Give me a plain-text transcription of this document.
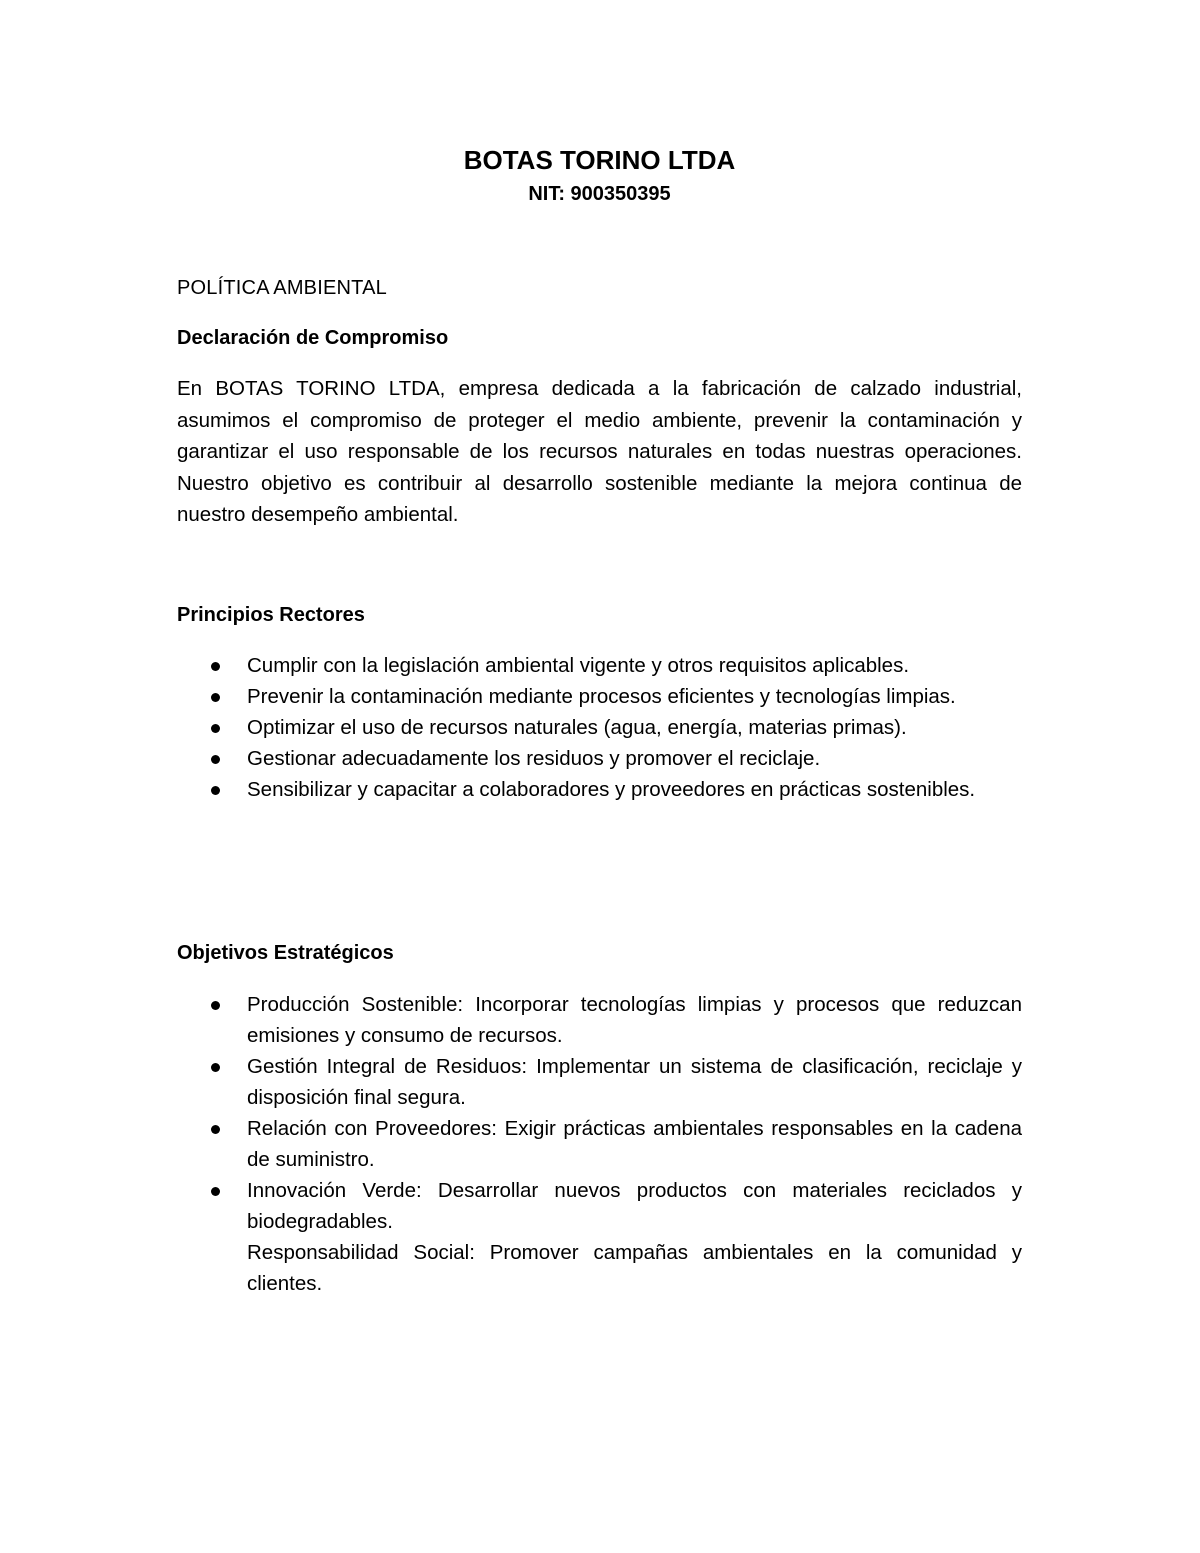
BOTAS TORINO LTDA
NIT: 900350395
POLÍTICA AMBIENTAL
Declaración de Compromiso
En BOTAS TORINO LTDA, empresa dedicada a la fabricación de calzado industrial, asumimos el compromiso de proteger el medio ambiente, prevenir la contaminación y garantizar el uso responsable de los recursos naturales en todas nuestras operaciones. Nuestro objetivo es contribuir al desarrollo sostenible mediante la mejora continua de nuestro desempeño ambiental.
Principios Rectores
Cumplir con la legislación ambiental vigente y otros requisitos aplicables.
Prevenir la contaminación mediante procesos eficientes y tecnologías limpias.
Optimizar el uso de recursos naturales (agua, energía, materias primas).
Gestionar adecuadamente los residuos y promover el reciclaje.
Sensibilizar y capacitar a colaboradores y proveedores en prácticas sostenibles.
Objetivos Estratégicos
Producción Sostenible: Incorporar tecnologías limpias y procesos que reduzcan emisiones y consumo de recursos.
Gestión Integral de Residuos: Implementar un sistema de clasificación, reciclaje y disposición final segura.
Relación con Proveedores: Exigir prácticas ambientales responsables en la cadena de suministro.
Innovación Verde: Desarrollar nuevos productos con materiales reciclados y biodegradables.
Responsabilidad Social: Promover campañas ambientales en la comunidad y clientes.
